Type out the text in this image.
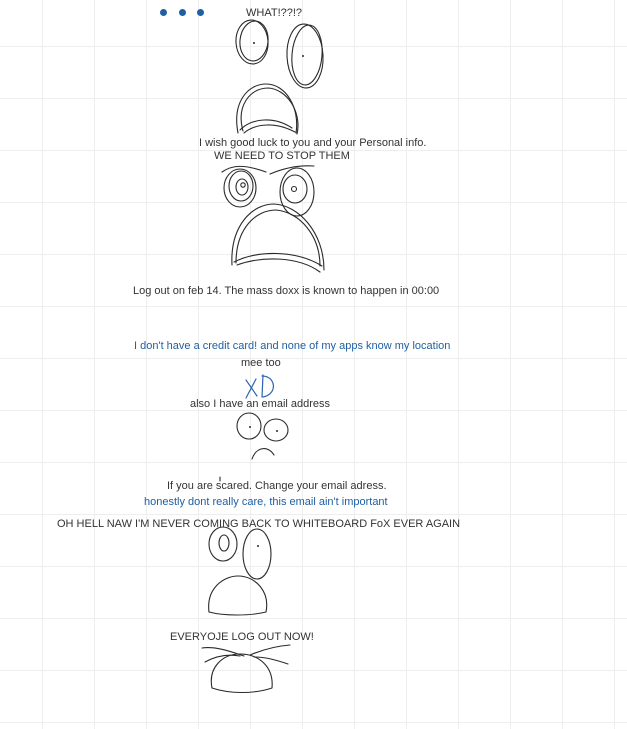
WHAT!??!?
I wish good luck to you and your Personal info.
WE NEED TO STOP THEM
Log out on feb 14. The mass doxx is known to happen in 00:00
I don't have a credit card! and none of my apps know my location
mee too
also I have an email address
If you are scared. Change your email adress.
honestly dont really care, this email ain't important
OH HELL NAW I'M NEVER COMING BACK TO WHITEBOARD FoX EVER AGAIN
EVERYOJE LOG OUT NOW!
